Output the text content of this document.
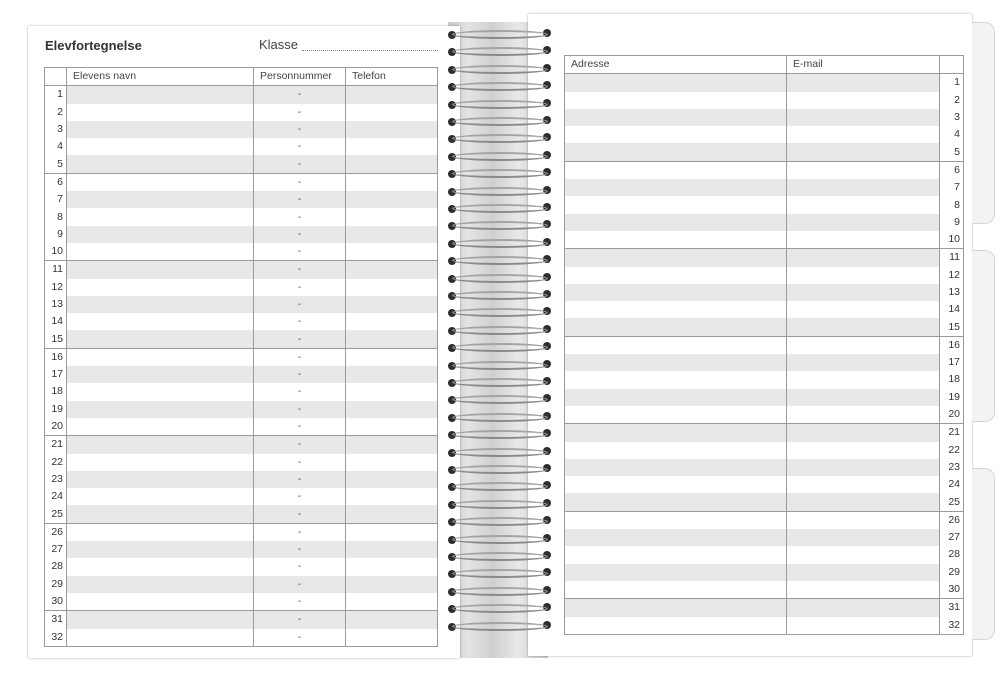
Elevfortegnelse	Klasse
	Elevens navn	Personnummer	Telefon
1		-	
2		-	
3		-	
4		-	
5		-	
6		-	
7		-	
8		-	
9		-	
10		-	
11		-	
12		-	
13		-	
14		-	
15		-	
16		-	
17		-	
18		-	
19		-	
20		-	
21		-	
22		-	
23		-	
24		-	
25		-	
26		-	
27		-	
28		-	
29		-	
30		-	
31		-	
32		-	
Adresse	E-mail	
		1
		2
		3
		4
		5
		6
		7
		8
		9
		10
		11
		12
		13
		14
		15
		16
		17
		18
		19
		20
		21
		22
		23
		24
		25
		26
		27
		28
		29
		30
		31
		32
